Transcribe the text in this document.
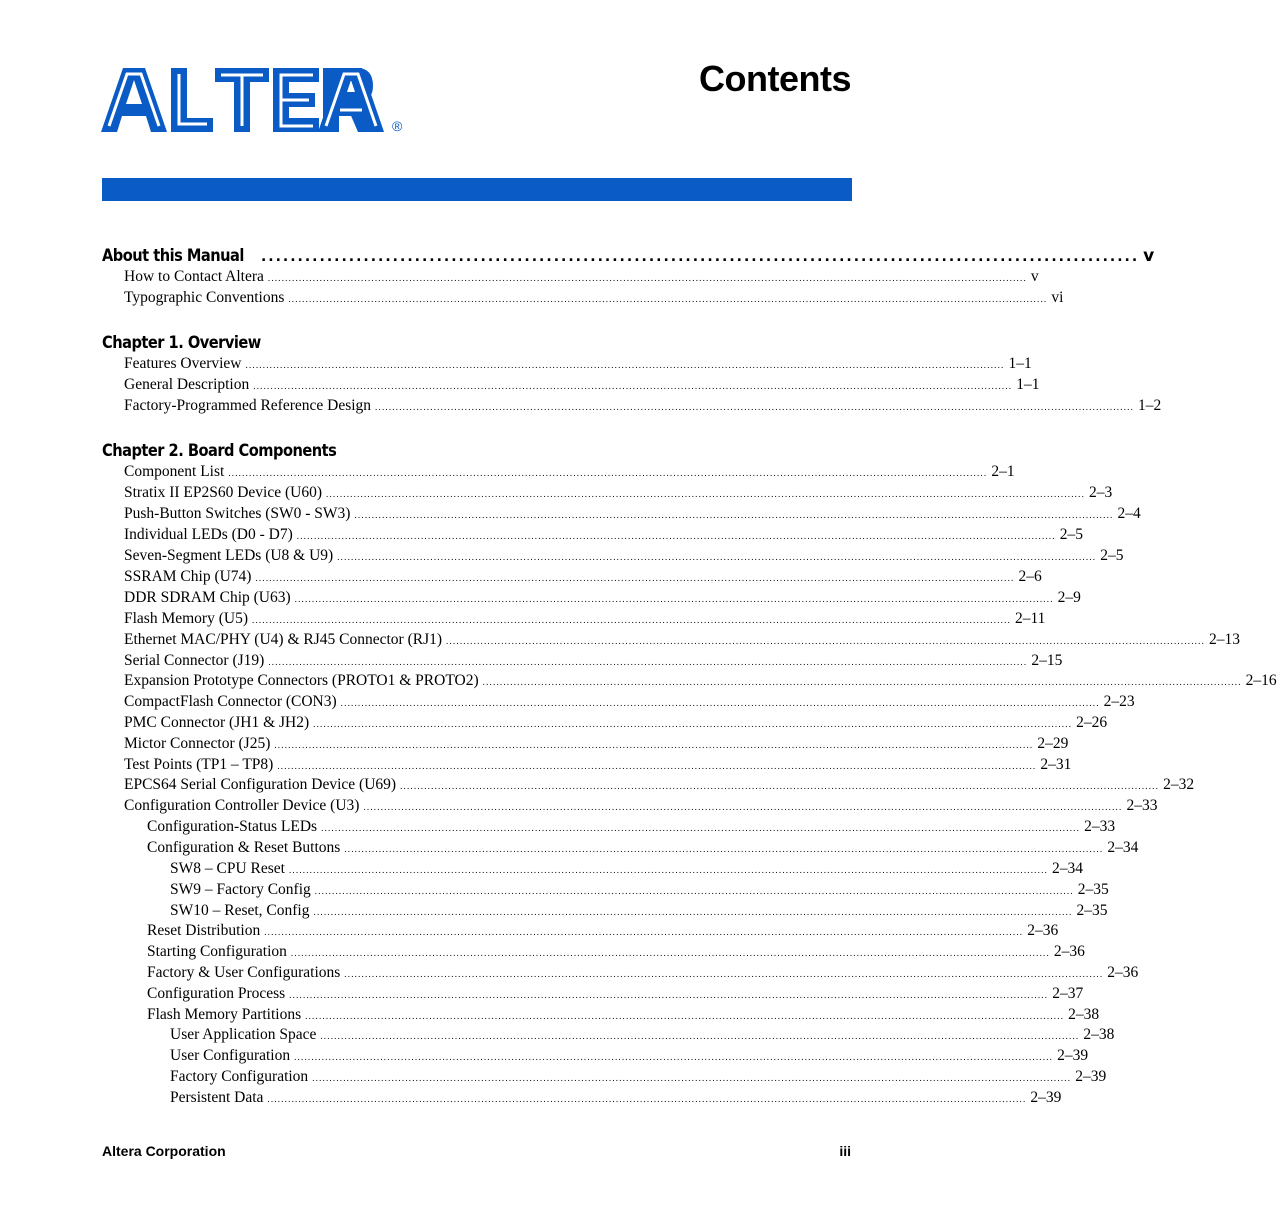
®
Contents
About this Manual ........................................................................................................................ v
How to Contact Altera ............................................................................................................................................................................................................................ v
Typographic Conventions ............................................................................................................................................................................................................................ vi
Chapter 1. Overview
Features Overview ............................................................................................................................................................................................................................ 1–1
General Description ............................................................................................................................................................................................................................ 1–1
Factory-Programmed Reference Design ............................................................................................................................................................................................................................ 1–2
Chapter 2. Board Components
Component List ............................................................................................................................................................................................................................ 2–1
Stratix II EP2S60 Device (U60) ............................................................................................................................................................................................................................ 2–3
Push-Button Switches (SW0 - SW3) ............................................................................................................................................................................................................................ 2–4
Individual LEDs (D0 - D7) ............................................................................................................................................................................................................................ 2–5
Seven-Segment LEDs (U8 & U9) ............................................................................................................................................................................................................................ 2–5
SSRAM Chip (U74) ............................................................................................................................................................................................................................ 2–6
DDR SDRAM Chip (U63) ............................................................................................................................................................................................................................ 2–9
Flash Memory (U5) ............................................................................................................................................................................................................................ 2–11
Ethernet MAC/PHY (U4) & RJ45 Connector (RJ1) ............................................................................................................................................................................................................................ 2–13
Serial Connector (J19) ............................................................................................................................................................................................................................ 2–15
Expansion Prototype Connectors (PROTO1 & PROTO2) ............................................................................................................................................................................................................................ 2–16
CompactFlash Connector (CON3) ............................................................................................................................................................................................................................ 2–23
PMC Connector (JH1 & JH2) ............................................................................................................................................................................................................................ 2–26
Mictor Connector (J25) ............................................................................................................................................................................................................................ 2–29
Test Points (TP1 – TP8) ............................................................................................................................................................................................................................ 2–31
EPCS64 Serial Configuration Device (U69) ............................................................................................................................................................................................................................ 2–32
Configuration Controller Device (U3) ............................................................................................................................................................................................................................ 2–33
Configuration-Status LEDs ............................................................................................................................................................................................................................ 2–33
Configuration & Reset Buttons ............................................................................................................................................................................................................................ 2–34
SW8 – CPU Reset ............................................................................................................................................................................................................................ 2–34
SW9 – Factory Config ............................................................................................................................................................................................................................ 2–35
SW10 – Reset, Config ............................................................................................................................................................................................................................ 2–35
Reset Distribution ............................................................................................................................................................................................................................ 2–36
Starting Configuration ............................................................................................................................................................................................................................ 2–36
Factory & User Configurations ............................................................................................................................................................................................................................ 2–36
Configuration Process ............................................................................................................................................................................................................................ 2–37
Flash Memory Partitions ............................................................................................................................................................................................................................ 2–38
User Application Space ............................................................................................................................................................................................................................ 2–38
User Configuration ............................................................................................................................................................................................................................ 2–39
Factory Configuration ............................................................................................................................................................................................................................ 2–39
Persistent Data ............................................................................................................................................................................................................................ 2–39
Altera Corporation	iii
